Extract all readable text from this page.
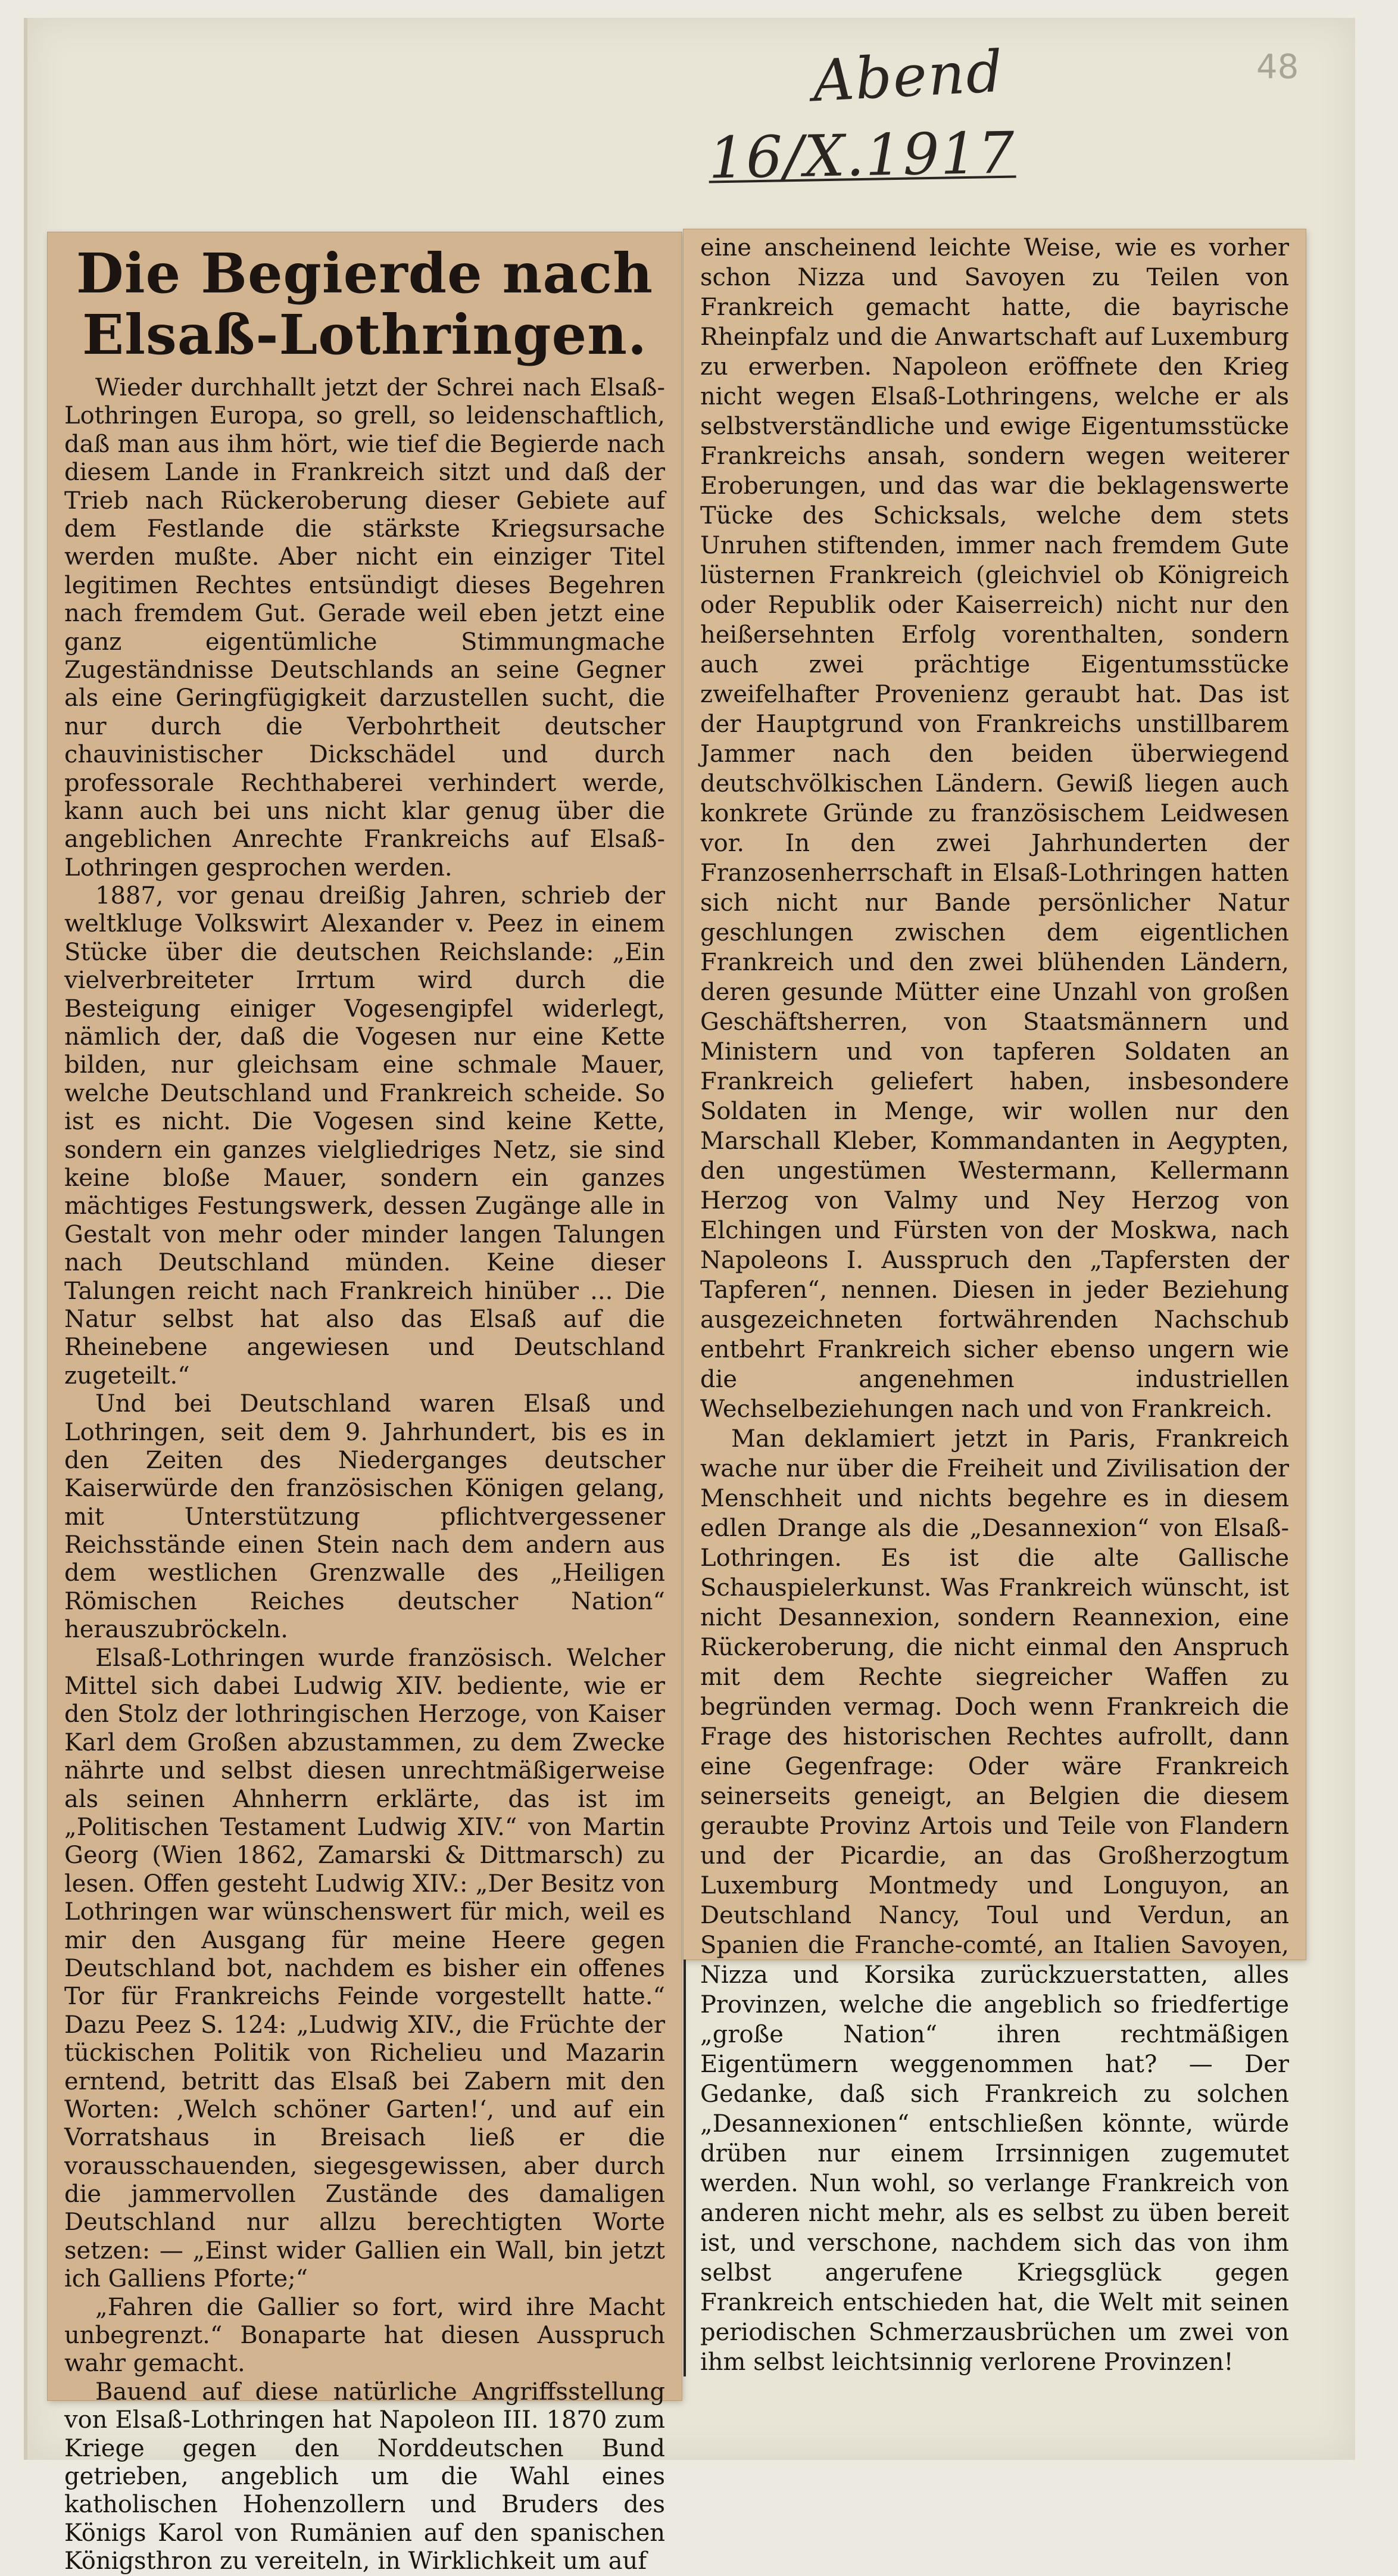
48
Abend
16/X.1917
Die Begierde nach Elsaß-Lothringen.

Wieder durchhallt jetzt der Schrei nach Elsaß-Lothringen Europa, so grell, so leidenschaftlich, daß man aus ihm hört, wie tief die Begierde nach diesem Lande in Frankreich sitzt und daß der Trieb nach Rückeroberung dieser Gebiete auf dem Festlande die stärkste Kriegsursache werden mußte. Aber nicht ein einziger Titel legitimen Rechtes entsündigt dieses Begehren nach fremdem Gut. Gerade weil eben jetzt eine ganz eigentümliche Stimmungmache Zugeständnisse Deutschlands an seine Gegner als eine Geringfügigkeit darzustellen sucht, die nur durch die Verbohrtheit deutscher chauvinistischer Dickschädel und durch professorale Rechthaberei verhindert werde, kann auch bei uns nicht klar genug über die angeblichen Anrechte Frankreichs auf Elsaß-Lothringen gesprochen werden.

1887, vor genau dreißig Jahren, schrieb der weltkluge Volkswirt Alexander v. Peez in einem Stücke über die deutschen Reichslande: „Ein vielverbreiteter Irrtum wird durch die Besteigung einiger Vogesengipfel widerlegt, nämlich der, daß die Vogesen nur eine Kette bilden, nur gleichsam eine schmale Mauer, welche Deutschland und Frankreich scheide. So ist es nicht. Die Vogesen sind keine Kette, sondern ein ganzes vielgliedriges Netz, sie sind keine bloße Mauer, sondern ein ganzes mächtiges Festungswerk, dessen Zugänge alle in Gestalt von mehr oder minder langen Talungen nach Deutschland münden. Keine dieser Talungen reicht nach Frankreich hinüber ... Die Natur selbst hat also das Elsaß auf die Rheinebene angewiesen und Deutschland zugeteilt.“

Und bei Deutschland waren Elsaß und Lothringen, seit dem 9. Jahrhundert, bis es in den Zeiten des Niederganges deutscher Kaiserwürde den französischen Königen gelang, mit Unterstützung pflichtvergessener Reichsstände einen Stein nach dem andern aus dem westlichen Grenzwalle des „Heiligen Römischen Reiches deutscher Nation“ herauszubröckeln.

Elsaß-Lothringen wurde französisch. Welcher Mittel sich dabei Ludwig XIV. bediente, wie er den Stolz der lothringischen Herzoge, von Kaiser Karl dem Großen abzustammen, zu dem Zwecke nährte und selbst diesen unrechtmäßigerweise als seinen Ahnherrn erklärte, das ist im „Politischen Testament Ludwig XIV.“ von Martin Georg (Wien 1862, Zamarski & Dittmarsch) zu lesen. Offen gesteht Ludwig XIV.: „Der Besitz von Lothringen war wünschenswert für mich, weil es mir den Ausgang für meine Heere gegen Deutschland bot, nachdem es bisher ein offenes Tor für Frankreichs Feinde vorgestellt hatte.“ Dazu Peez S. 124: „Ludwig XIV., die Früchte der tückischen Politik von Richelieu und Mazarin erntend, betritt das Elsaß bei Zabern mit den Worten: ‚Welch schöner Garten!‘, und auf ein Vorratshaus in Breisach ließ er die vorausschauenden, siegesgewissen, aber durch die jammervollen Zustände des damaligen Deutschland nur allzu berechtigten Worte setzen: — „Einst wider Gallien ein Wall, bin jetzt ich Galliens Pforte;“

„Fahren die Gallier so fort, wird ihre Macht unbegrenzt.“ Bonaparte hat diesen Ausspruch wahr gemacht.

Bauend auf diese natürliche Angriffsstellung von Elsaß-Lothringen hat Napoleon III. 1870 zum Kriege gegen den Norddeutschen Bund getrieben, angeblich um die Wahl eines katholischen Hohenzollern und Bruders des Königs Karol von Rumänien auf den spanischen Königsthron zu vereiteln, in Wirklichkeit um auf

eine anscheinend leichte Weise, wie es vorher schon Nizza und Savoyen zu Teilen von Frankreich gemacht hatte, die bayrische Rheinpfalz und die Anwartschaft auf Luxemburg zu erwerben. Napoleon eröffnete den Krieg nicht wegen Elsaß-Lothringens, welche er als selbstverständliche und ewige Eigentumsstücke Frankreichs ansah, sondern wegen weiterer Eroberungen, und das war die beklagenswerte Tücke des Schicksals, welche dem stets Unruhen stiftenden, immer nach fremdem Gute lüsternen Frankreich (gleichviel ob Königreich oder Republik oder Kaiserreich) nicht nur den heißersehnten Erfolg vorenthalten, sondern auch zwei prächtige Eigentumsstücke zweifelhafter Provenienz geraubt hat. Das ist der Hauptgrund von Frankreichs unstillbarem Jammer nach den beiden überwiegend deutschvölkischen Ländern. Gewiß liegen auch konkrete Gründe zu französischem Leidwesen vor. In den zwei Jahrhunderten der Franzosenherrschaft in Elsaß-Lothringen hatten sich nicht nur Bande persönlicher Natur geschlungen zwischen dem eigentlichen Frankreich und den zwei blühenden Ländern, deren gesunde Mütter eine Unzahl von großen Geschäftsherren, von Staatsmännern und Ministern und von tapferen Soldaten an Frankreich geliefert haben, insbesondere Soldaten in Menge, wir wollen nur den Marschall Kleber, Kommandanten in Aegypten, den ungestümen Westermann, Kellermann Herzog von Valmy und Ney Herzog von Elchingen und Fürsten von der Moskwa, nach Napoleons I. Ausspruch den „Tapfersten der Tapferen“, nennen. Diesen in jeder Beziehung ausgezeichneten fortwährenden Nachschub entbehrt Frankreich sicher ebenso ungern wie die angenehmen industriellen Wechselbeziehungen nach und von Frankreich.

Man deklamiert jetzt in Paris, Frankreich wache nur über die Freiheit und Zivilisation der Menschheit und nichts begehre es in diesem edlen Drange als die „Desannexion“ von Elsaß-Lothringen. Es ist die alte Gallische Schauspielerkunst. Was Frankreich wünscht, ist nicht Desannexion, sondern Reannexion, eine Rückeroberung, die nicht einmal den Anspruch mit dem Rechte siegreicher Waffen zu begründen vermag. Doch wenn Frankreich die Frage des historischen Rechtes aufrollt, dann eine Gegenfrage: Oder wäre Frankreich seinerseits geneigt, an Belgien die diesem geraubte Provinz Artois und Teile von Flandern und der Picardie, an das Großherzogtum Luxemburg Montmedy und Longuyon, an Deutschland Nancy, Toul und Verdun, an Spanien die Franche-comté, an Italien Savoyen, Nizza und Korsika zurückzuerstatten, alles Provinzen, welche die angeblich so friedfertige „große Nation“ ihren rechtmäßigen Eigentümern weggenommen hat? — Der Gedanke, daß sich Frankreich zu solchen „Desannexionen“ entschließen könnte, würde drüben nur einem Irrsinnigen zugemutet werden. Nun wohl, so verlange Frankreich von anderen nicht mehr, als es selbst zu üben bereit ist, und verschone, nachdem sich das von ihm selbst angerufene Kriegsglück gegen Frankreich entschieden hat, die Welt mit seinen periodischen Schmerzausbrüchen um zwei von ihm selbst leichtsinnig verlorene Provinzen!
